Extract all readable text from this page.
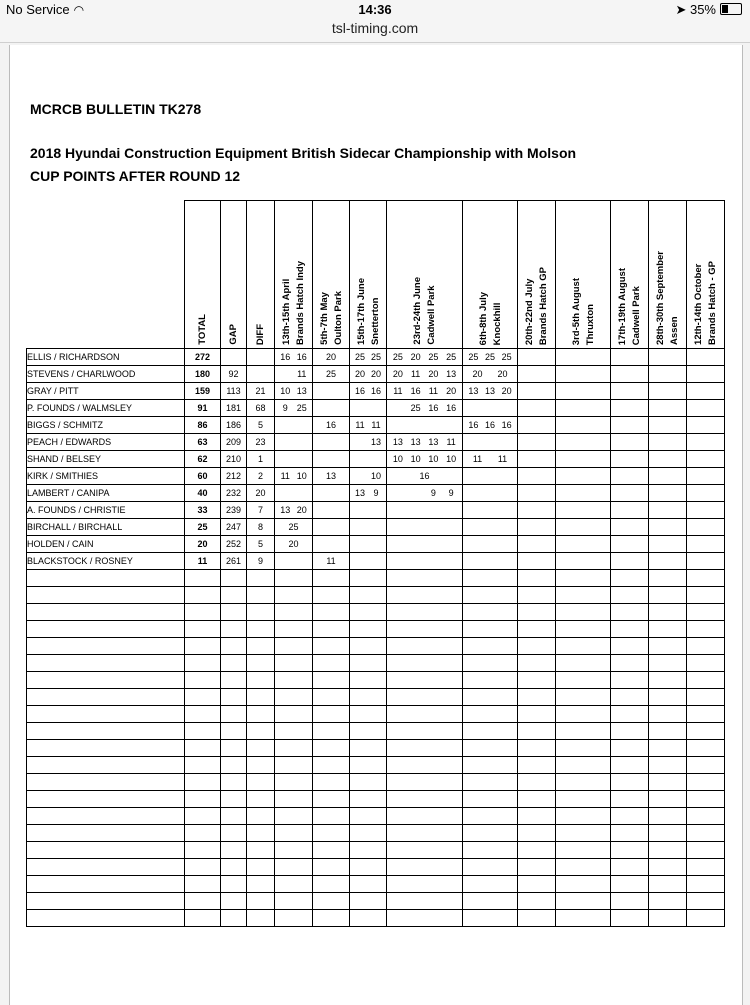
No Service ◠	14:36	➤ 35%
tsl-timing.com
MCRCB BULLETIN TK278
2018 Hyundai Construction Equipment British Sidecar Championship with Molson
CUP POINTS AFTER ROUND 12

	TOTAL	GAP	DIFF	13th-15th April Brands Hatch Indy	5th-7th May Oulton Park	15th-17th June Snetterton	23rd-24th June Cadwell Park	6th-8th July Knockhill	20th-22nd July Brands Hatch GP	3rd-5th August Thruxton	17th-19th August Cadwell Park	28th-30th September Assen	12th-14th October Brands Hatch - GP

ELLIS / RICHARDSON	272			16 16	20	25 25	25 20 25 25	25 25 25					

STEVENS / CHARLWOOD	180	92		11	25	20 20	20 11 20 13	20 20					

GRAY / PITT	159	113	21	10 13		16 16	11 16 11 20	13 13 20					

P. FOUNDS / WALMSLEY	91	181	68	9 25			25 16 16						

BIGGS / SCHMITZ	86	186	5		16	11 11		16 16 16					

PEACH / EDWARDS	63	209	23			13	13 13 13 11						

SHAND / BELSEY	62	210	1				10 10 10 10	11 11					

KIRK / SMITHIES	60	212	2	11 10	13	10	16						

LAMBERT / CANIPA	40	232	20			13 9	9 9						

A. FOUNDS / CHRISTIE	33	239	7	13 20									

BIRCHALL / BIRCHALL	25	247	8	25									

HOLDEN / CAIN	20	252	5	20									

BLACKSTOCK / ROSNEY	11	261	9		11								
